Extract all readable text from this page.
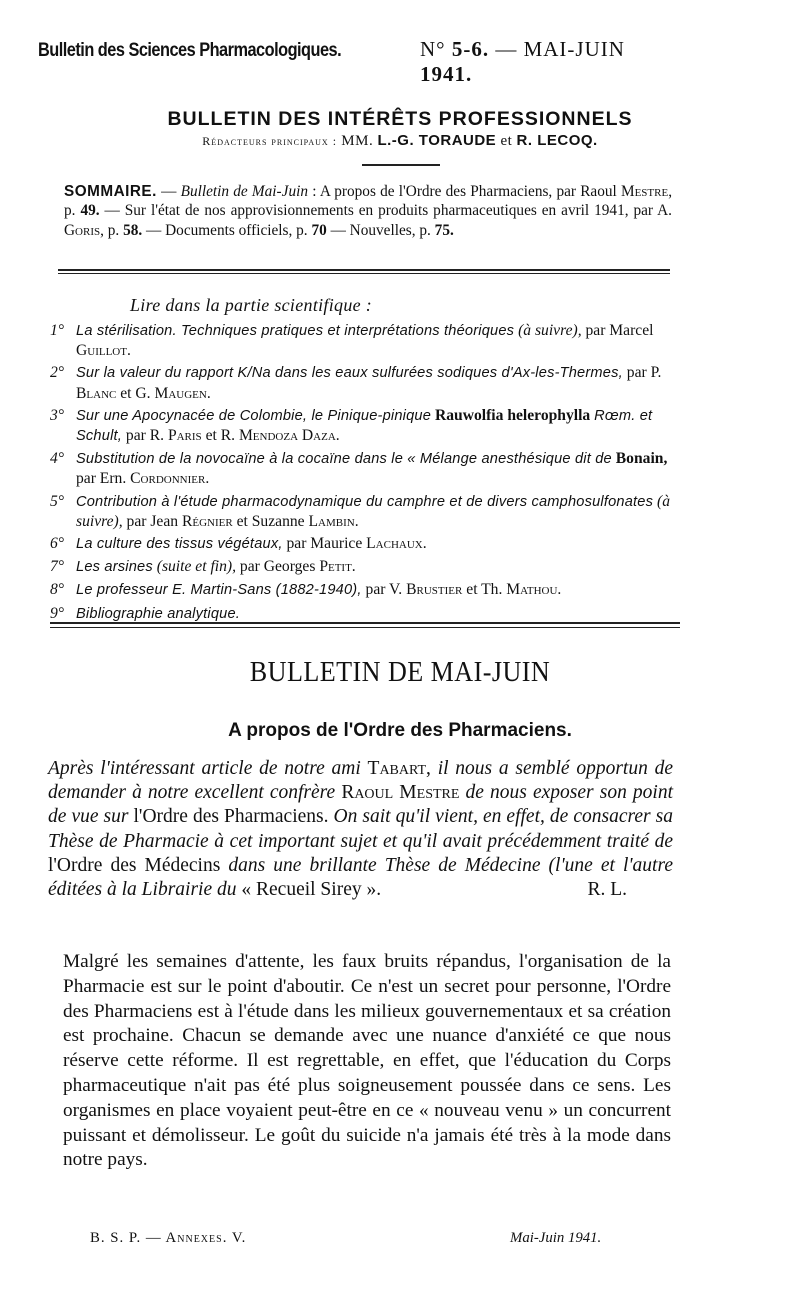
Bulletin des Sciences Pharmacologiques.	N° 5-6. — MAI-JUIN 1941.
BULLETIN DES INTÉRÊTS PROFESSIONNELS
Rédacteurs principaux : MM. L.-G. TORAUDE et R. LECOQ.
SOMMAIRE. — Bulletin de Mai-Juin : A propos de l'Ordre des Pharmaciens, par Raoul Mestre, p. 49. — Sur l'état de nos approvisionnements en produits pharmaceutiques en avril 1941, par A. Goris, p. 58. — Documents officiels, p. 70 — Nouvelles, p. 75.
Lire dans la partie scientifique :
1° La stérilisation. Techniques pratiques et interprétations théoriques (à suivre), par Marcel Guillot.
2° Sur la valeur du rapport K/Na dans les eaux sulfurées sodiques d'Ax-les-Thermes, par P. Blanc et G. Maugen.
3° Sur une Apocynacée de Colombie, le Pinique-pinique Rauwolfia helerophylla Rœm. et Schult, par R. Paris et R. Mendoza Daza.
4° Substitution de la novocaïne à la cocaïne dans le « Mélange anesthésique dit de Bonain, par Ern. Cordonnier.
5° Contribution à l'étude pharmacodynamique du camphre et de divers camphosulfonates (à suivre), par Jean Régnier et Suzanne Lambin.
6° La culture des tissus végétaux, par Maurice Lachaux.
7° Les arsines (suite et fin), par Georges Petit.
8° Le professeur E. Martin-Sans (1882-1940), par V. Brustier et Th. Mathou.
9° Bibliographie analytique.
BULLETIN DE MAI-JUIN
A propos de l'Ordre des Pharmaciens.
Après l'intéressant article de notre ami Tabart, il nous a semblé opportun de demander à notre excellent confrère Raoul Mestre de nous exposer son point de vue sur l'Ordre des Pharmaciens. On sait qu'il vient, en effet, de consacrer sa Thèse de Pharmacie à cet important sujet et qu'il avait précédemment traité de l'Ordre des Médecins dans une brillante Thèse de Médecine (l'une et l'autre éditées à la Librairie du « Recueil Sirey ».	R. L.
Malgré les semaines d'attente, les faux bruits répandus, l'organisation de la Pharmacie est sur le point d'aboutir. Ce n'est un secret pour personne, l'Ordre des Pharmaciens est à l'étude dans les milieux gouvernementaux et sa création est prochaine. Chacun se demande avec une nuance d'anxiété ce que nous réserve cette réforme. Il est regrettable, en effet, que l'éducation du Corps pharmaceutique n'ait pas été plus soigneusement poussée dans ce sens. Les organismes en place voyaient peut-être en ce « nouveau venu » un concurrent puissant et démolisseur. Le goût du suicide n'a jamais été très à la mode dans notre pays.
B. S. P. — Annexes. V.	Mai-Juin 1941.
